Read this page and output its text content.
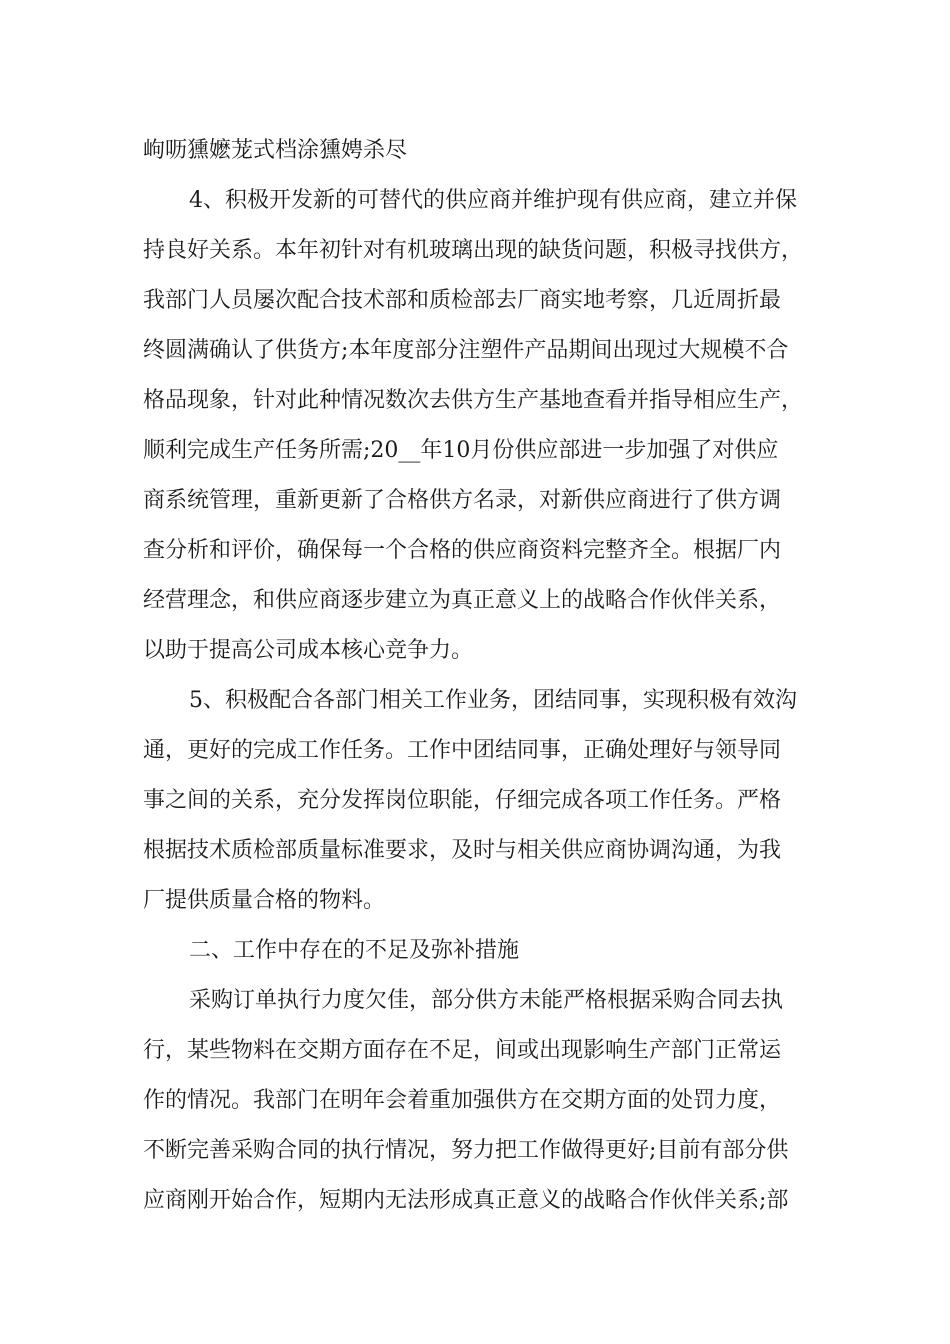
岣呖獯嬷茏式档涂獯娉杀尽
4、积极开发新的可替代的供应商并维护现有供应商，建立并保
持良好关系。本年初针对有机玻璃出现的缺货问题，积极寻找供方，
我部门人员屡次配合技术部和质检部去厂商实地考察，几近周折最
终圆满确认了供货方;本年度部分注塑件产品期间出现过大规模不合
格品现象，针对此种情况数次去供方生产基地查看并指导相应生产，
顺利完成生产任务所需;20__年10月份供应部进一步加强了对供应
商系统管理，重新更新了合格供方名录，对新供应商进行了供方调
查分析和评价，确保每一个合格的供应商资料完整齐全。根据厂内
经营理念，和供应商逐步建立为真正意义上的战略合作伙伴关系，
以助于提高公司成本核心竞争力。
5、积极配合各部门相关工作业务，团结同事，实现积极有效沟
通，更好的完成工作任务。工作中团结同事，正确处理好与领导同
事之间的关系，充分发挥岗位职能，仔细完成各项工作任务。严格
根据技术质检部质量标准要求，及时与相关供应商协调沟通，为我
厂提供质量合格的物料。
二、工作中存在的不足及弥补措施
采购订单执行力度欠佳，部分供方未能严格根据采购合同去执
行，某些物料在交期方面存在不足，间或出现影响生产部门正常运
作的情况。我部门在明年会着重加强供方在交期方面的处罚力度，
不断完善采购合同的执行情况，努力把工作做得更好;目前有部分供
应商刚开始合作，短期内无法形成真正意义的战略合作伙伴关系;部
